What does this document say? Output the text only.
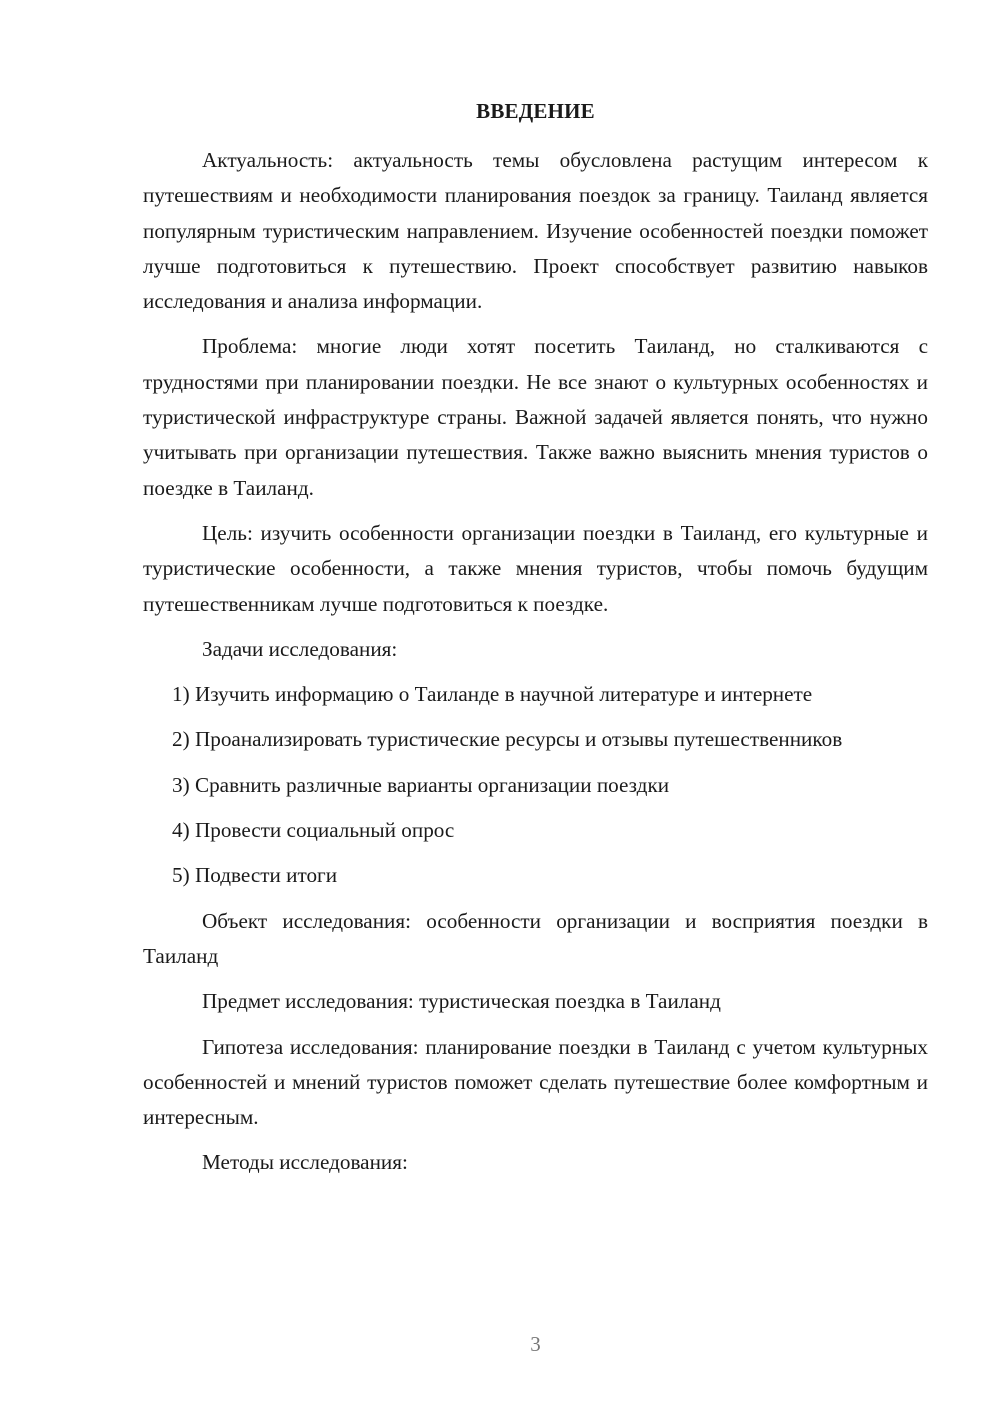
ВВЕДЕНИЕ

Актуальность: актуальность темы обусловлена растущим интересом к путешествиям и необходимости планирования поездок за границу. Таиланд является популярным туристическим направлением. Изучение особенностей поездки поможет лучше подготовиться к путешествию. Проект способствует развитию навыков исследования и анализа информации.

Проблема: многие люди хотят посетить Таиланд, но сталкиваются с трудностями при планировании поездки. Не все знают о культурных особенностях и туристической инфраструктуре страны. Важной задачей является понять, что нужно учитывать при организации путешествия. Также важно выяснить мнения туристов о поездке в Таиланд.

Цель: изучить особенности организации поездки в Таиланд, его культурные и туристические особенности, а также мнения туристов, чтобы помочь будущим путешественникам лучше подготовиться к поездке.

Задачи исследования:

1) Изучить информацию о Таиланде в научной литературе и интернете

2) Проанализировать туристические ресурсы и отзывы путешественников

3) Сравнить различные варианты организации поездки

4) Провести социальный опрос

5) Подвести итоги

Объект исследования: особенности организации и восприятия поездки в Таиланд

Предмет исследования: туристическая поездка в Таиланд

Гипотеза исследования: планирование поездки в Таиланд с учетом культурных особенностей и мнений туристов поможет сделать путешествие более комфортным и интересным.

Методы исследования:

3
